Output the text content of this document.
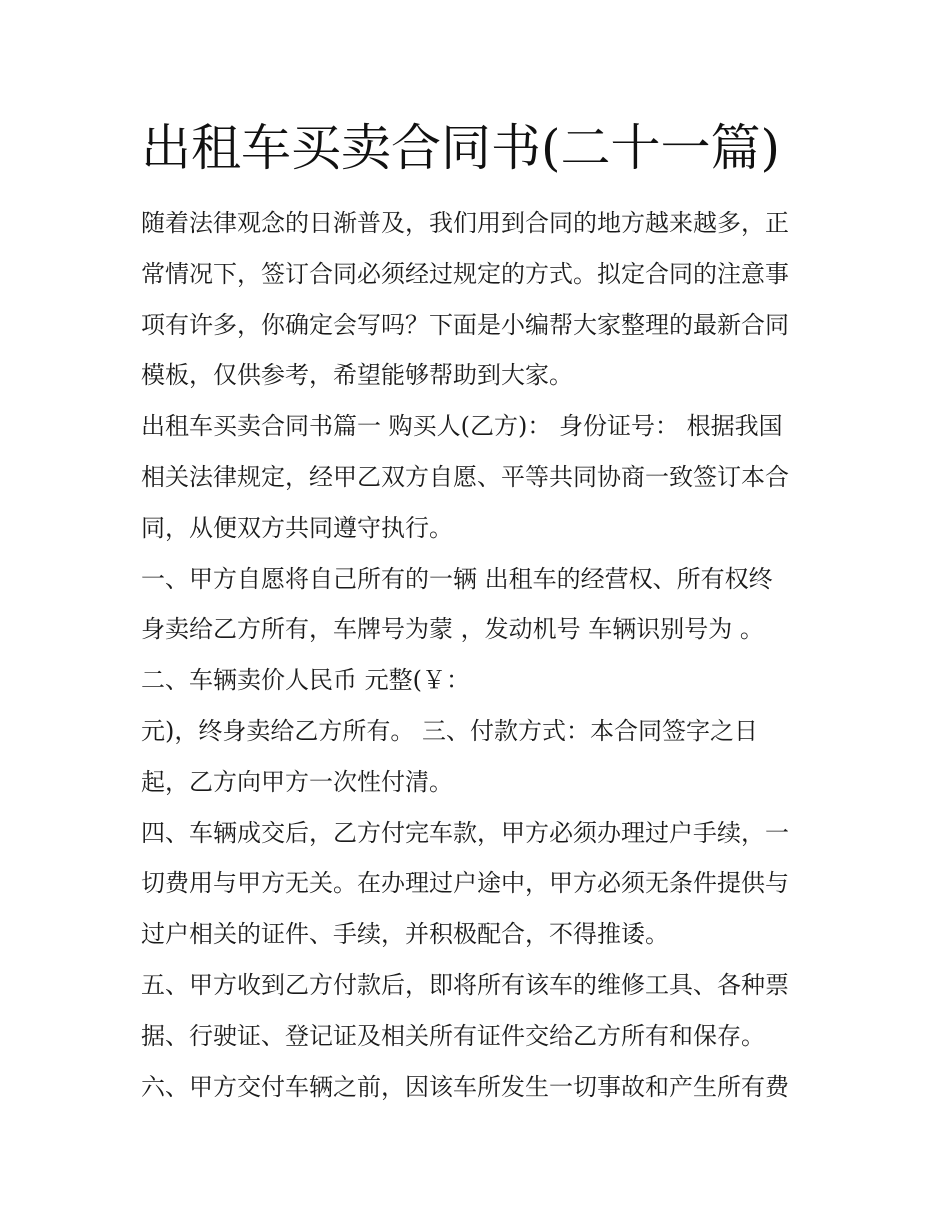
出租车买卖合同书(二十一篇)
随着法律观念的日渐普及，我们用到合同的地方越来越多，正
常情况下，签订合同必须经过规定的方式。拟定合同的注意事
项有许多，你确定会写吗？下面是小编帮大家整理的最新合同
模板，仅供参考，希望能够帮助到大家。
出租车买卖合同书篇一 购买人(乙方)： 身份证号： 根据我国
相关法律规定，经甲乙双方自愿、平等共同协商一致签订本合
同，从便双方共同遵守执行。
一、甲方自愿将自己所有的一辆 出租车的经营权、所有权终
身卖给乙方所有，车牌号为蒙 ，发动机号 车辆识别号为 。
二、车辆卖价人民币 元整(￥：
元)，终身卖给乙方所有。 三、付款方式：本合同签字之日
起，乙方向甲方一次性付清。
四、车辆成交后，乙方付完车款，甲方必须办理过户手续，一
切费用与甲方无关。在办理过户途中，甲方必须无条件提供与
过户相关的证件、手续，并积极配合，不得推诿。
五、甲方收到乙方付款后，即将所有该车的维修工具、各种票
据、行驶证、登记证及相关所有证件交给乙方所有和保存。
六、甲方交付车辆之前，因该车所发生一切事故和产生所有费
